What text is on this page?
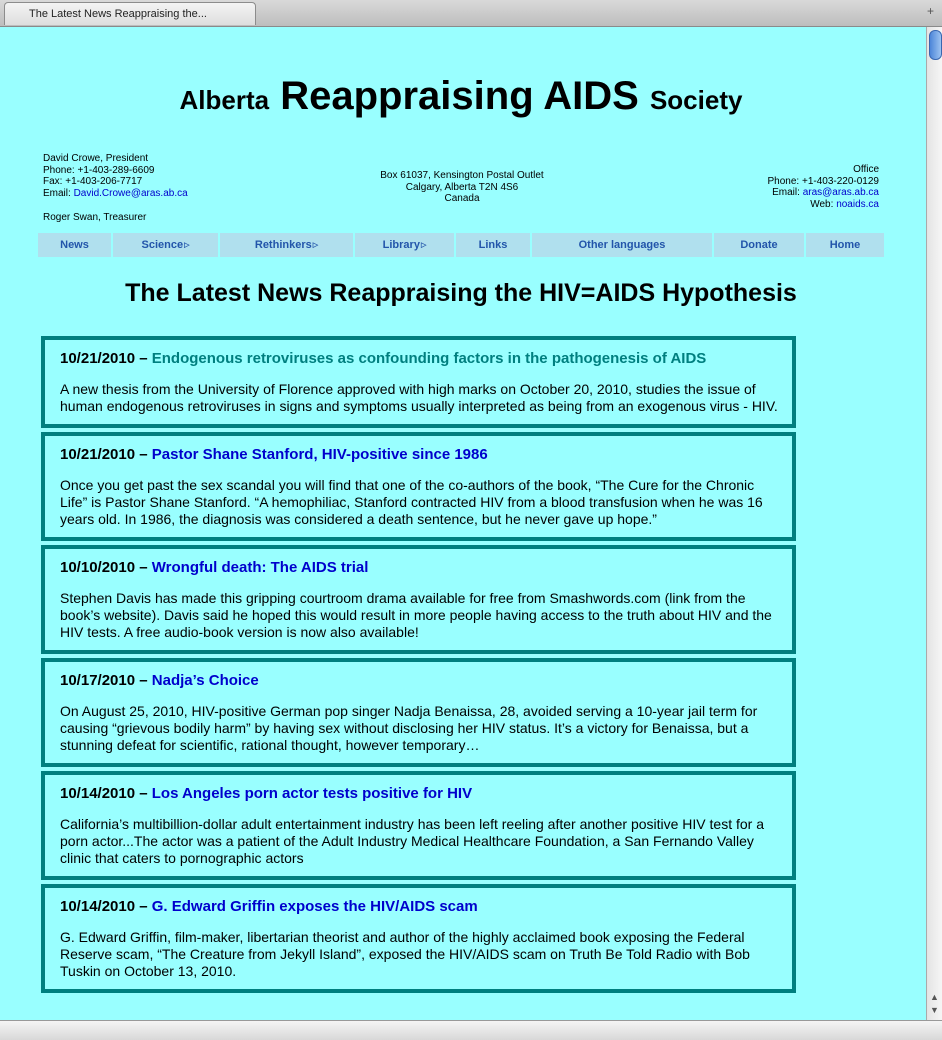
The Latest News Reappraising the...	+
Alberta Reappraising AIDS Society
David Crowe, President
Phone: +1-403-289-6609
Fax: +1-403-206-7717
Email: David.Crowe@aras.ab.ca
Roger Swan, Treasurer
Box 61037, Kensington Postal Outlet
Calgary, Alberta T2N 4S6
Canada
Office
Phone: +1-403-220-0129
Email: aras@aras.ab.ca
Web: noaids.ca
News	Science ▷	Rethinkers ▷	Library ▷	Links	Other languages	Donate	Home
The Latest News Reappraising the HIV=AIDS Hypothesis
10/21/2010 – Endogenous retroviruses as confounding factors in the pathogenesis of AIDS
A new thesis from the University of Florence approved with high marks on October 20, 2010, studies the issue of human endogenous retroviruses in signs and symptoms usually interpreted as being from an exogenous virus - HIV.
10/21/2010 – Pastor Shane Stanford, HIV-positive since 1986
Once you get past the sex scandal you will find that one of the co-authors of the book, “The Cure for the Chronic Life” is Pastor Shane Stanford. “A hemophiliac, Stanford contracted HIV from a blood transfusion when he was 16 years old. In 1986, the diagnosis was considered a death sentence, but he never gave up hope.”
10/10/2010 – Wrongful death: The AIDS trial
Stephen Davis has made this gripping courtroom drama available for free from Smashwords.com (link from the book’s website). Davis said he hoped this would result in more people having access to the truth about HIV and the HIV tests. A free audio-book version is now also available!
10/17/2010 – Nadja’s Choice
On August 25, 2010, HIV-positive German pop singer Nadja Benaissa, 28, avoided serving a 10-year jail term for causing “grievous bodily harm” by having sex without disclosing her HIV status. It’s a victory for Benaissa, but a stunning defeat for scientific, rational thought, however temporary…
10/14/2010 – Los Angeles porn actor tests positive for HIV
California’s multibillion-dollar adult entertainment industry has been left reeling after another positive HIV test for a porn actor...The actor was a patient of the Adult Industry Medical Healthcare Foundation, a San Fernando Valley clinic that caters to pornographic actors
10/14/2010 – G. Edward Griffin exposes the HIV/AIDS scam
G. Edward Griffin, film-maker, libertarian theorist and author of the highly acclaimed book exposing the Federal Reserve scam, “The Creature from Jekyll Island”, exposed the HIV/AIDS scam on Truth Be Told Radio with Bob Tuskin on October 13, 2010.
▲
▼
